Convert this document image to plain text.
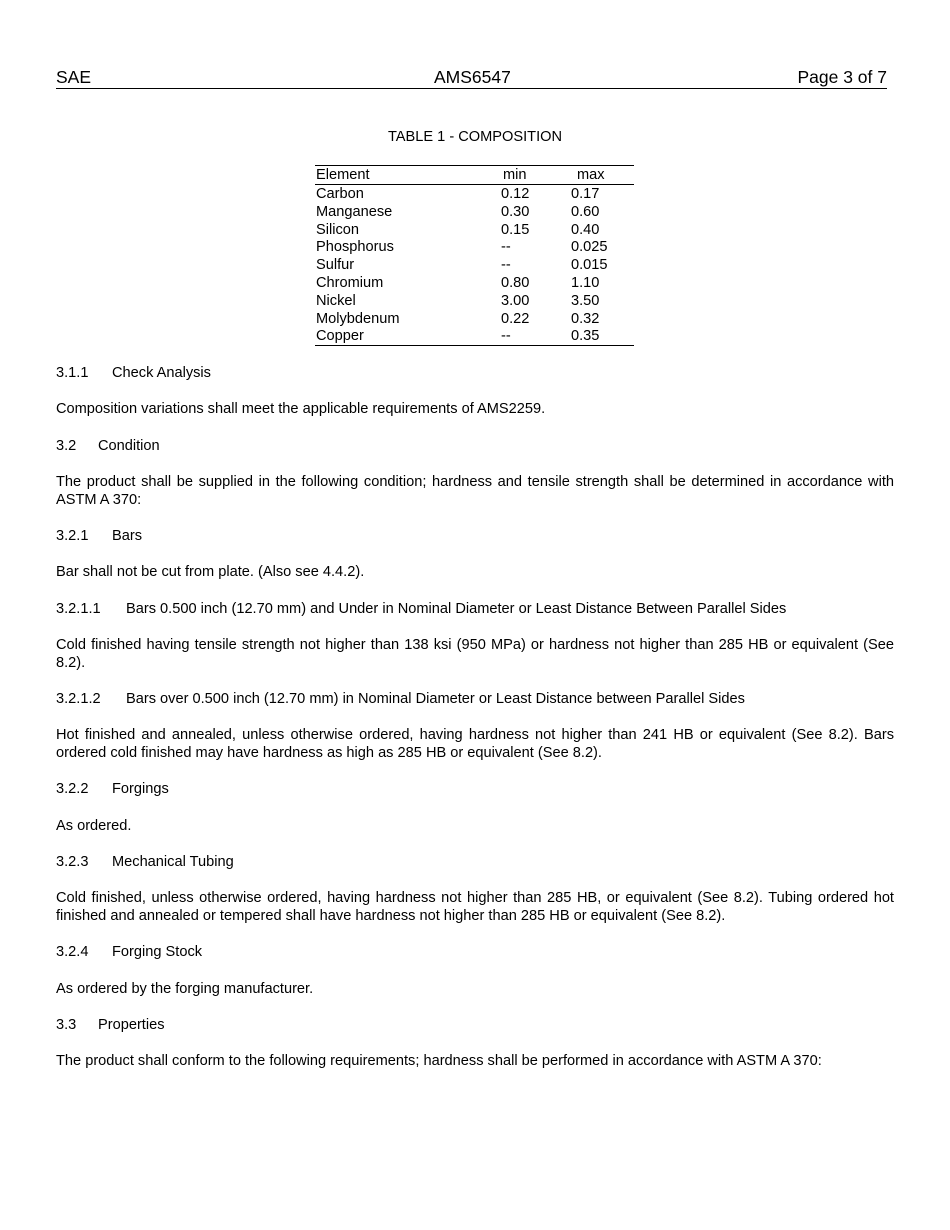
SAE	AMS6547	Page 3 of 7
TABLE 1 - COMPOSITION
Element	min	max
Carbon	0.12	0.17
Manganese	0.30	0.60
Silicon	0.15	0.40
Phosphorus	--	0.025
Sulfur	--	0.015
Chromium	0.80	1.10
Nickel	3.00	3.50
Molybdenum	0.22	0.32
Copper	--	0.35
3.1.1 Check Analysis
Composition variations shall meet the applicable requirements of AMS2259.
3.2 Condition
The product shall be supplied in the following condition; hardness and tensile strength shall be determined in accordance with ASTM A 370:
3.2.1 Bars
Bar shall not be cut from plate. (Also see 4.4.2).
3.2.1.1 Bars 0.500 inch (12.70 mm) and Under in Nominal Diameter or Least Distance Between Parallel Sides
Cold finished having tensile strength not higher than 138 ksi (950 MPa) or hardness not higher than 285 HB or equivalent (See 8.2).
3.2.1.2 Bars over 0.500 inch (12.70 mm) in Nominal Diameter or Least Distance between Parallel Sides
Hot finished and annealed, unless otherwise ordered, having hardness not higher than 241 HB or equivalent (See 8.2). Bars ordered cold finished may have hardness as high as 285 HB or equivalent (See 8.2).
3.2.2 Forgings
As ordered.
3.2.3 Mechanical Tubing
Cold finished, unless otherwise ordered, having hardness not higher than 285 HB, or equivalent (See 8.2). Tubing ordered hot finished and annealed or tempered shall have hardness not higher than 285 HB or equivalent (See 8.2).
3.2.4 Forging Stock
As ordered by the forging manufacturer.
3.3 Properties
The product shall conform to the following requirements; hardness shall be performed in accordance with ASTM A 370:
